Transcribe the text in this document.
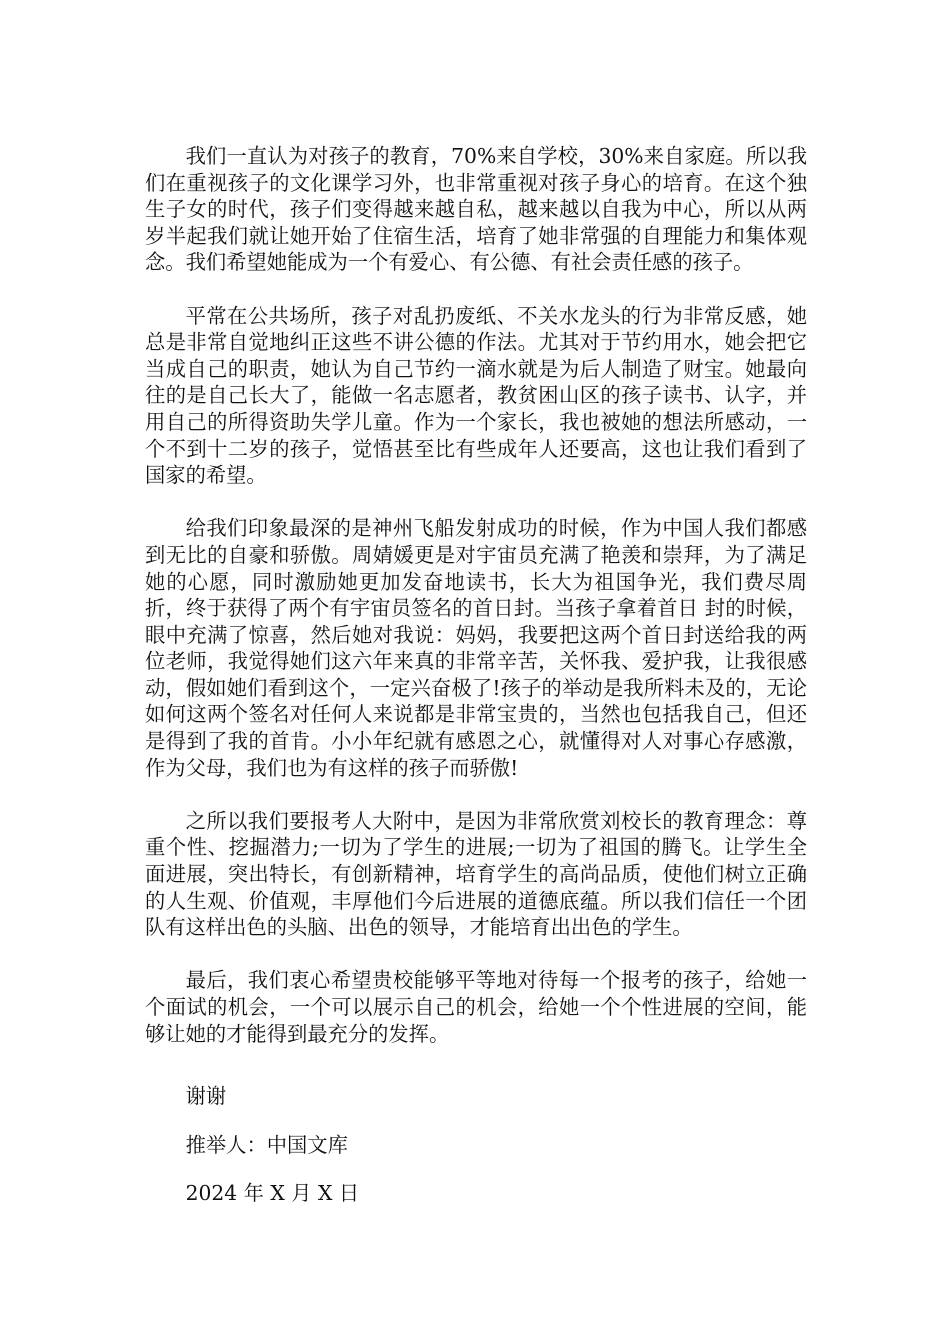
我们一直认为对孩子的教育，70%来自学校，30%来自家庭。所以我们在重视孩子的文化课学习外，也非常重视对孩子身心的培育。在这个独生子女的时代，孩子们变得越来越自私，越来越以自我为中心，所以从两岁半起我们就让她开始了住宿生活，培育了她非常强的自理能力和集体观念。我们希望她能成为一个有爱心、有公德、有社会责任感的孩子。

平常在公共场所，孩子对乱扔废纸、不关水龙头的行为非常反感，她总是非常自觉地纠正这些不讲公德的作法。尤其对于节约用水，她会把它当成自己的职责，她认为自己节约一滴水就是为后人制造了财宝。她最向往的是自己长大了，能做一名志愿者，教贫困山区的孩子读书、认字，并用自己的所得资助失学儿童。作为一个家长，我也被她的想法所感动，一个不到十二岁的孩子，觉悟甚至比有些成年人还要高，这也让我们看到了国家的希望。

给我们印象最深的是神州飞船发射成功的时候，作为中国人我们都感到无比的自豪和骄傲。周婧媛更是对宇宙员充满了艳羡和崇拜，为了满足她的心愿，同时激励她更加发奋地读书，长大为祖国争光，我们费尽周折，终于获得了两个有宇宙员签名的首日封。当孩子拿着首日 封的时候，眼中充满了惊喜，然后她对我说：妈妈，我要把这两个首日封送给我的两位老师，我觉得她们这六年来真的非常辛苦，关怀我、爱护我，让我很感动，假如她们看到这个，一定兴奋极了!孩子的举动是我所料未及的，无论如何这两个签名对任何人来说都是非常宝贵的，当然也包括我自己，但还是得到了我的首肯。小小年纪就有感恩之心，就懂得对人对事心存感激，作为父母，我们也为有这样的孩子而骄傲!

之所以我们要报考人大附中，是因为非常欣赏刘校长的教育理念：尊重个性、挖掘潜力;一切为了学生的进展;一切为了祖国的腾飞。让学生全面进展，突出特长，有创新精神，培育学生的高尚品质，使他们树立正确的人生观、价值观，丰厚他们今后进展的道德底蕴。所以我们信任一个团队有这样出色的头脑、出色的领导，才能培育出出色的学生。

最后，我们衷心希望贵校能够平等地对待每一个报考的孩子，给她一个面试的机会，一个可以展示自己的机会，给她一个个性进展的空间，能够让她的才能得到最充分的发挥。

谢谢

推举人：中国文库

2024 年 X 月 X 日
